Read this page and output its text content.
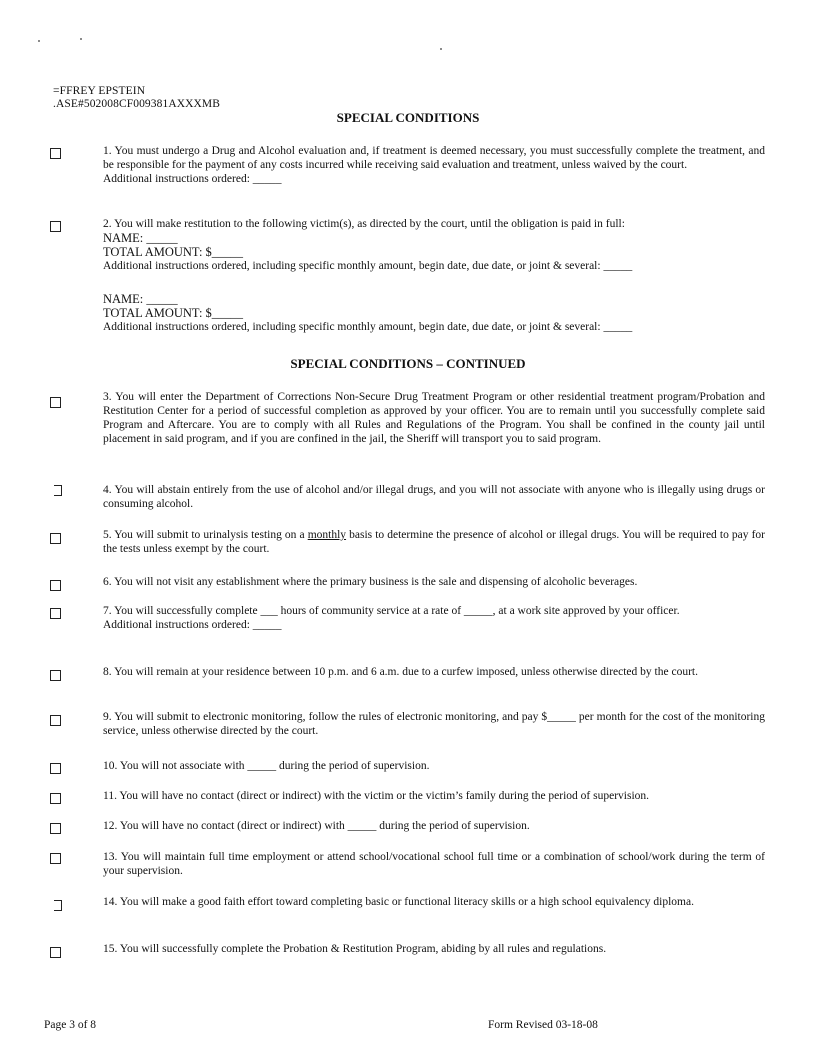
=FFREY EPSTEIN
.ASE#502008CF009381AXXXMB
SPECIAL CONDITIONS

1. You must undergo a Drug and Alcohol evaluation and, if treatment is deemed necessary, you must successfully complete the treatment, and be responsible for the payment of any costs incurred while receiving said evaluation and treatment, unless waived by the court.

Additional instructions ordered: _____

2. You will make restitution to the following victim(s), as directed by the court, until the obligation is paid in full:

NAME: _____
TOTAL AMOUNT: $_____
Additional instructions ordered, including specific monthly amount, begin date, due date, or joint & several: _____
NAME: _____
TOTAL AMOUNT: $_____
Additional instructions ordered, including specific monthly amount, begin date, due date, or joint & several: _____
SPECIAL CONDITIONS – CONTINUED

3. You will enter the Department of Corrections Non-Secure Drug Treatment Program or other residential treatment program/Probation and Restitution Center for a period of successful completion as approved by your officer. You are to remain until you successfully complete said Program and Aftercare. You are to comply with all Rules and Regulations of the Program. You shall be confined in the county jail until placement in said program, and if you are confined in the jail, the Sheriff will transport you to said program.

4. You will abstain entirely from the use of alcohol and/or illegal drugs, and you will not associate with anyone who is illegally using drugs or consuming alcohol.

5. You will submit to urinalysis testing on a monthly basis to determine the presence of alcohol or illegal drugs. You will be required to pay for the tests unless exempt by the court.

6. You will not visit any establishment where the primary business is the sale and dispensing of alcoholic beverages.

7. You will successfully complete ___ hours of community service at a rate of _____, at a work site approved by your officer.

Additional instructions ordered: _____

8. You will remain at your residence between 10 p.m. and 6 a.m. due to a curfew imposed, unless otherwise directed by the court.

9. You will submit to electronic monitoring, follow the rules of electronic monitoring, and pay $_____ per month for the cost of the monitoring service, unless otherwise directed by the court.

10. You will not associate with _____ during the period of supervision.

11. You will have no contact (direct or indirect) with the victim or the victim’s family during the period of supervision.

12. You will have no contact (direct or indirect) with _____ during the period of supervision.

13. You will maintain full time employment or attend school/vocational school full time or a combination of school/work during the term of your supervision.

14. You will make a good faith effort toward completing basic or functional literacy skills or a high school equivalency diploma.

15. You will successfully complete the Probation & Restitution Program, abiding by all rules and regulations.

Page 3 of 8	Form Revised 03-18-08
